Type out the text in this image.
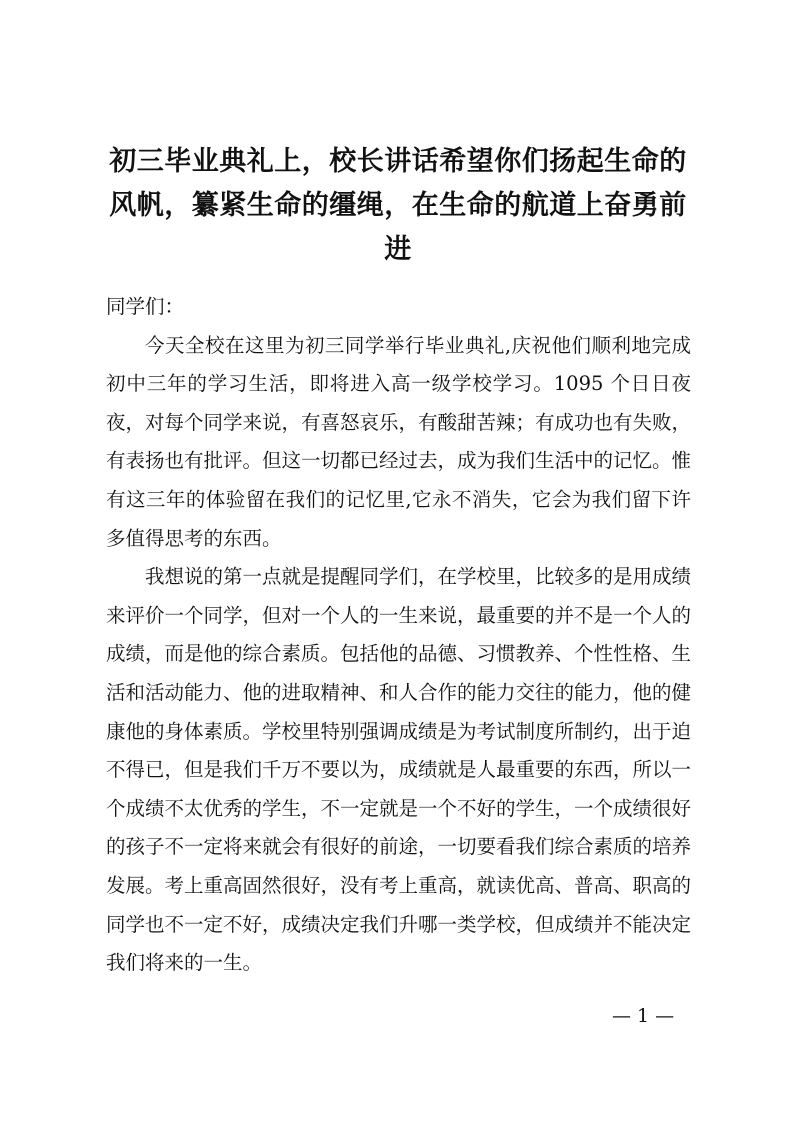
初三毕业典礼上，校长讲话希望你们扬起生命的风帆，纂紧生命的缰绳，在生命的航道上奋勇前进

同学们：

今天全校在这里为初三同学举行毕业典礼,庆祝他们顺利地完成初中三年的学习生活，即将进入高一级学校学习。1095 个日日夜夜，对每个同学来说，有喜怒哀乐，有酸甜苦辣；有成功也有失败，有表扬也有批评。但这一切都已经过去，成为我们生活中的记忆。惟有这三年的体验留在我们的记忆里,它永不消失，它会为我们留下许多值得思考的东西。

我想说的第一点就是提醒同学们，在学校里，比较多的是用成绩来评价一个同学，但对一个人的一生来说，最重要的并不是一个人的成绩，而是他的综合素质。包括他的品德、习惯教养、个性性格、生活和活动能力、他的进取精神、和人合作的能力交往的能力，他的健康他的身体素质。学校里特别强调成绩是为考试制度所制约，出于迫不得已，但是我们千万不要以为，成绩就是人最重要的东西，所以一个成绩不太优秀的学生，不一定就是一个不好的学生，一个成绩很好的孩子不一定将来就会有很好的前途，一切要看我们综合素质的培养发展。考上重高固然很好，没有考上重高，就读优高、普高、职高的同学也不一定不好，成绩决定我们升哪一类学校，但成绩并不能决定我们将来的一生。

— 1 —
